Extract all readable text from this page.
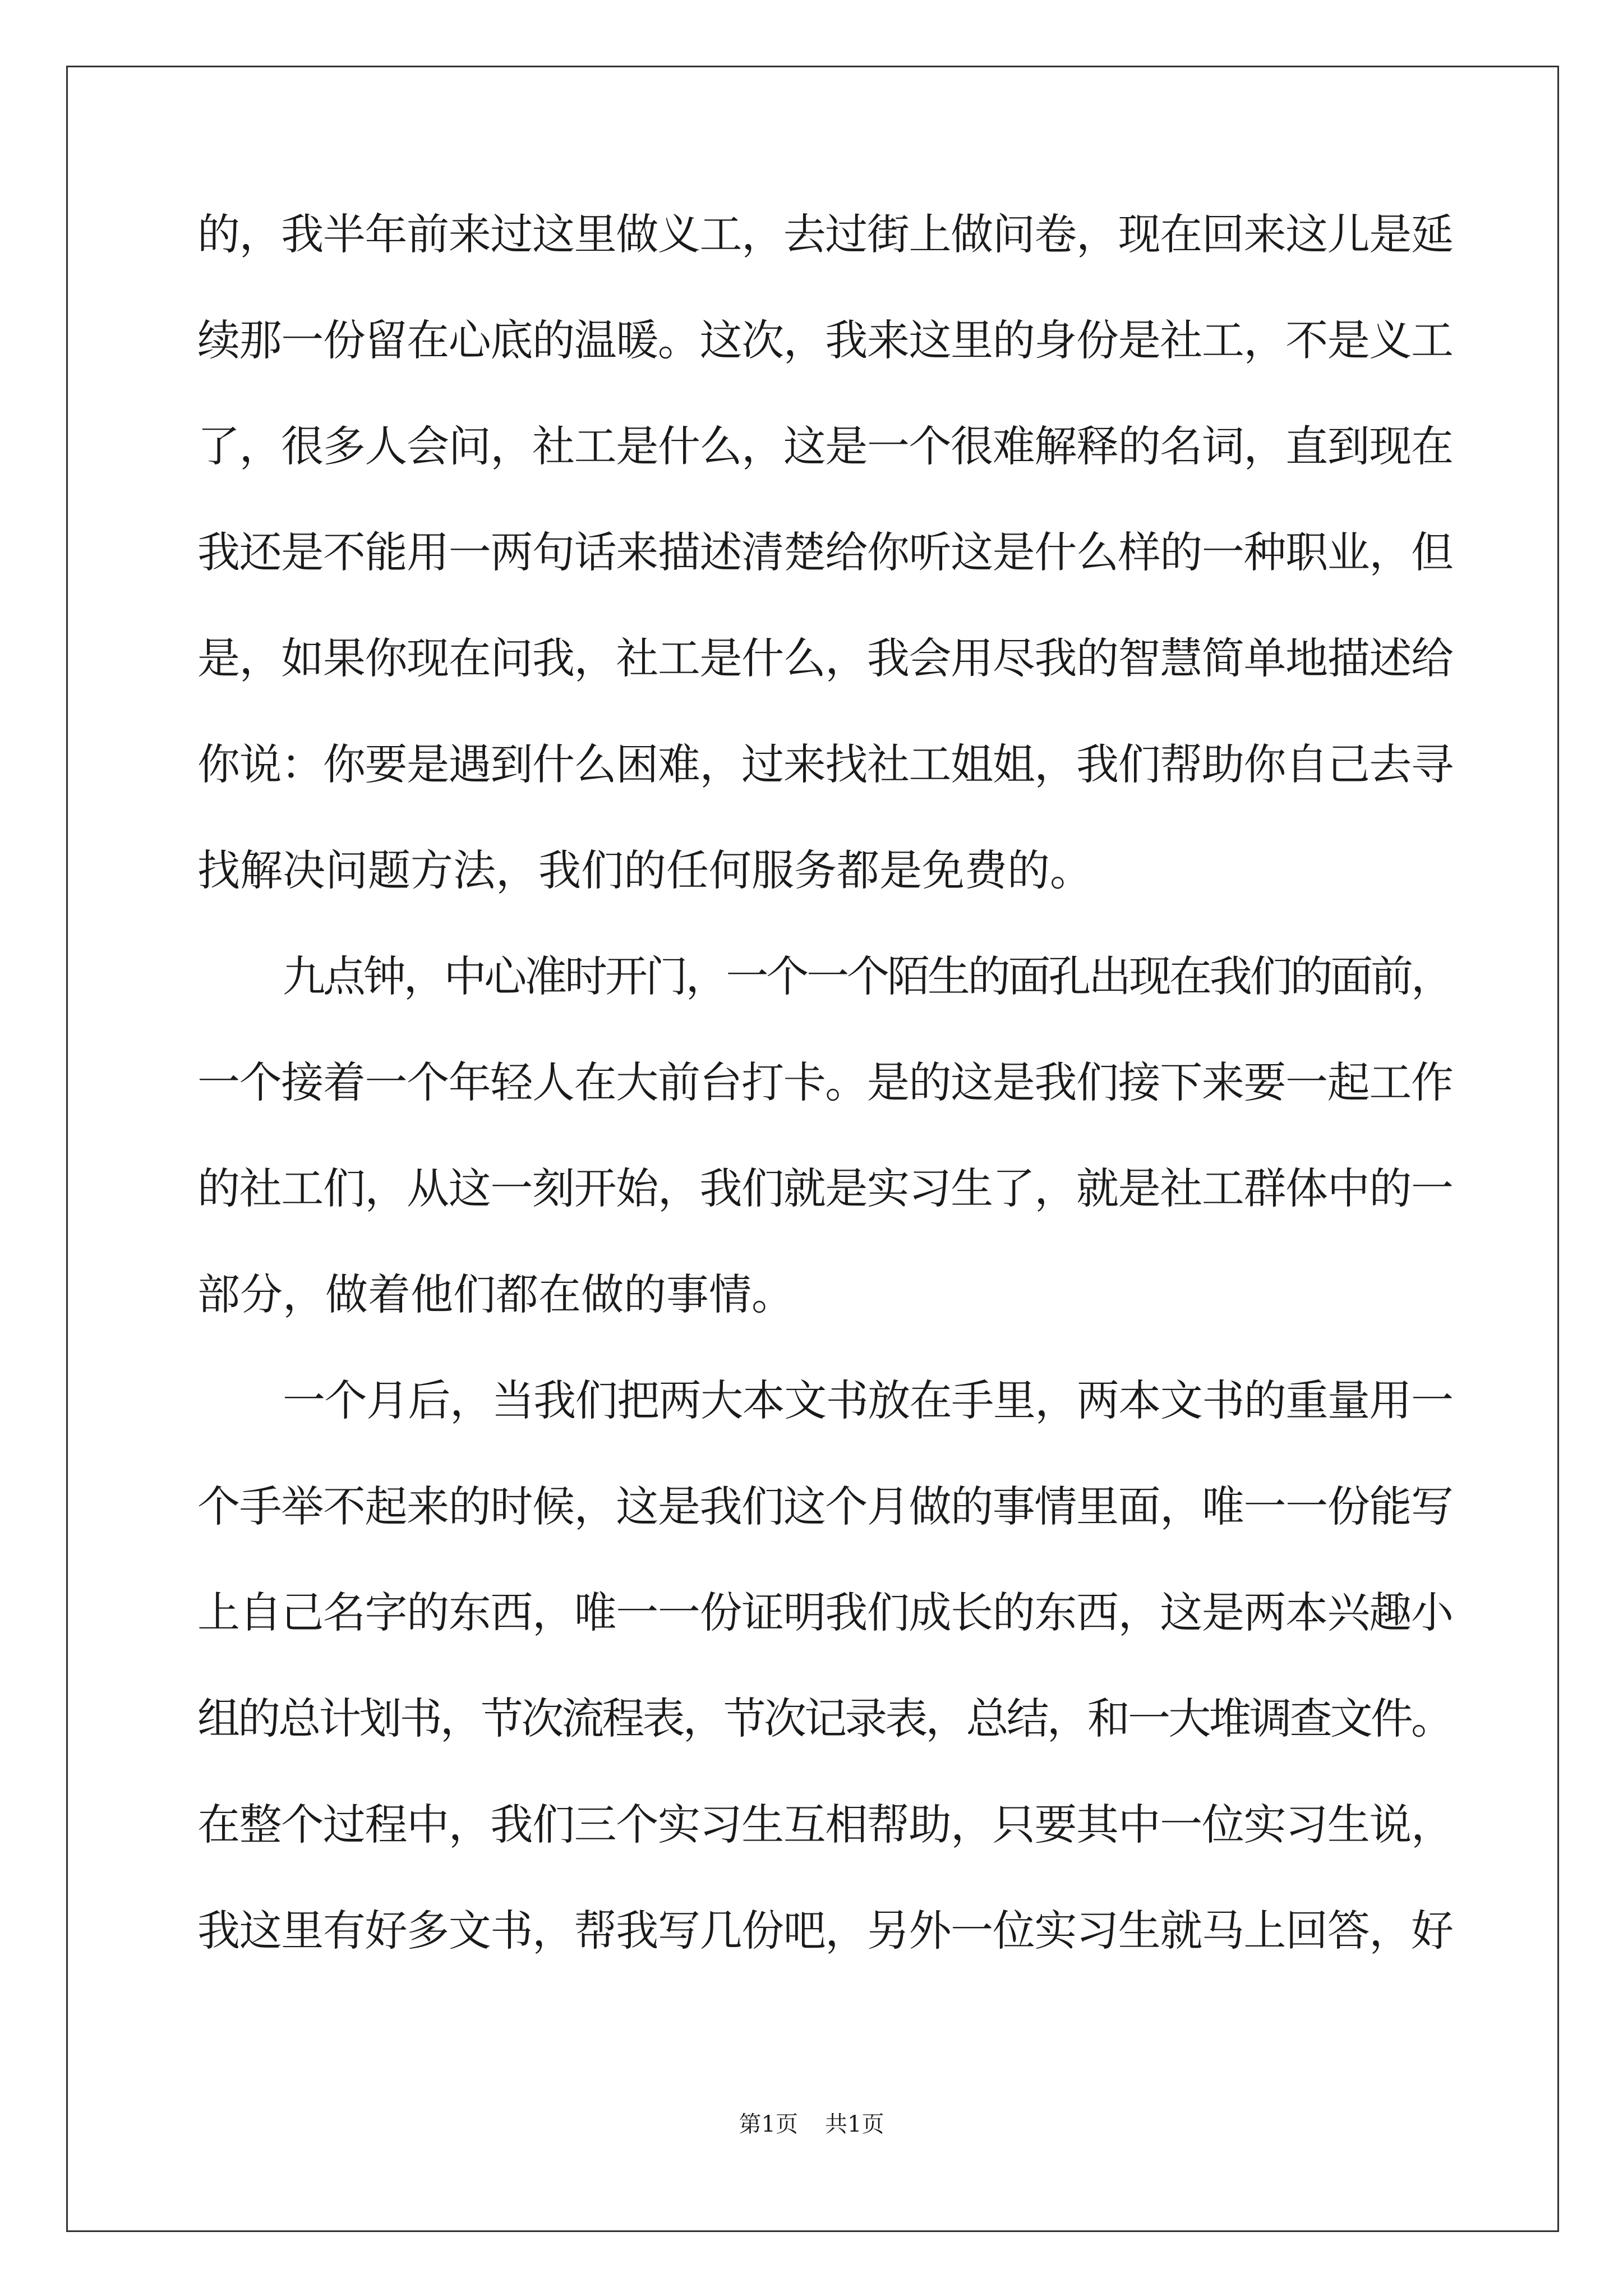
的，我半年前来过这里做义工，去过街上做问卷，现在回来这儿是延
续那一份留在心底的温暖。这次，我来这里的身份是社工，不是义工
了，很多人会问，社工是什么，这是一个很难解释的名词，直到现在
我还是不能用一两句话来描述清楚给你听这是什么样的一种职业，但
是，如果你现在问我，社工是什么，我会用尽我的智慧简单地描述给
你说：你要是遇到什么困难，过来找社工姐姐，我们帮助你自己去寻
找解决问题方法，我们的任何服务都是免费的。
九点钟，中心准时开门，一个一个陌生的面孔出现在我们的面前，
一个接着一个年轻人在大前台打卡。是的这是我们接下来要一起工作
的社工们，从这一刻开始，我们就是实习生了，就是社工群体中的一
部分，做着他们都在做的事情。
一个月后，当我们把两大本文书放在手里，两本文书的重量用一
个手举不起来的时候，这是我们这个月做的事情里面，唯一一份能写
上自己名字的东西，唯一一份证明我们成长的东西，这是两本兴趣小
组的总计划书，节次流程表，节次记录表，总结，和一大堆调查文件。
在整个过程中，我们三个实习生互相帮助，只要其中一位实习生说，
我这里有好多文书，帮我写几份吧，另外一位实习生就马上回答，好
第1页 共1页
